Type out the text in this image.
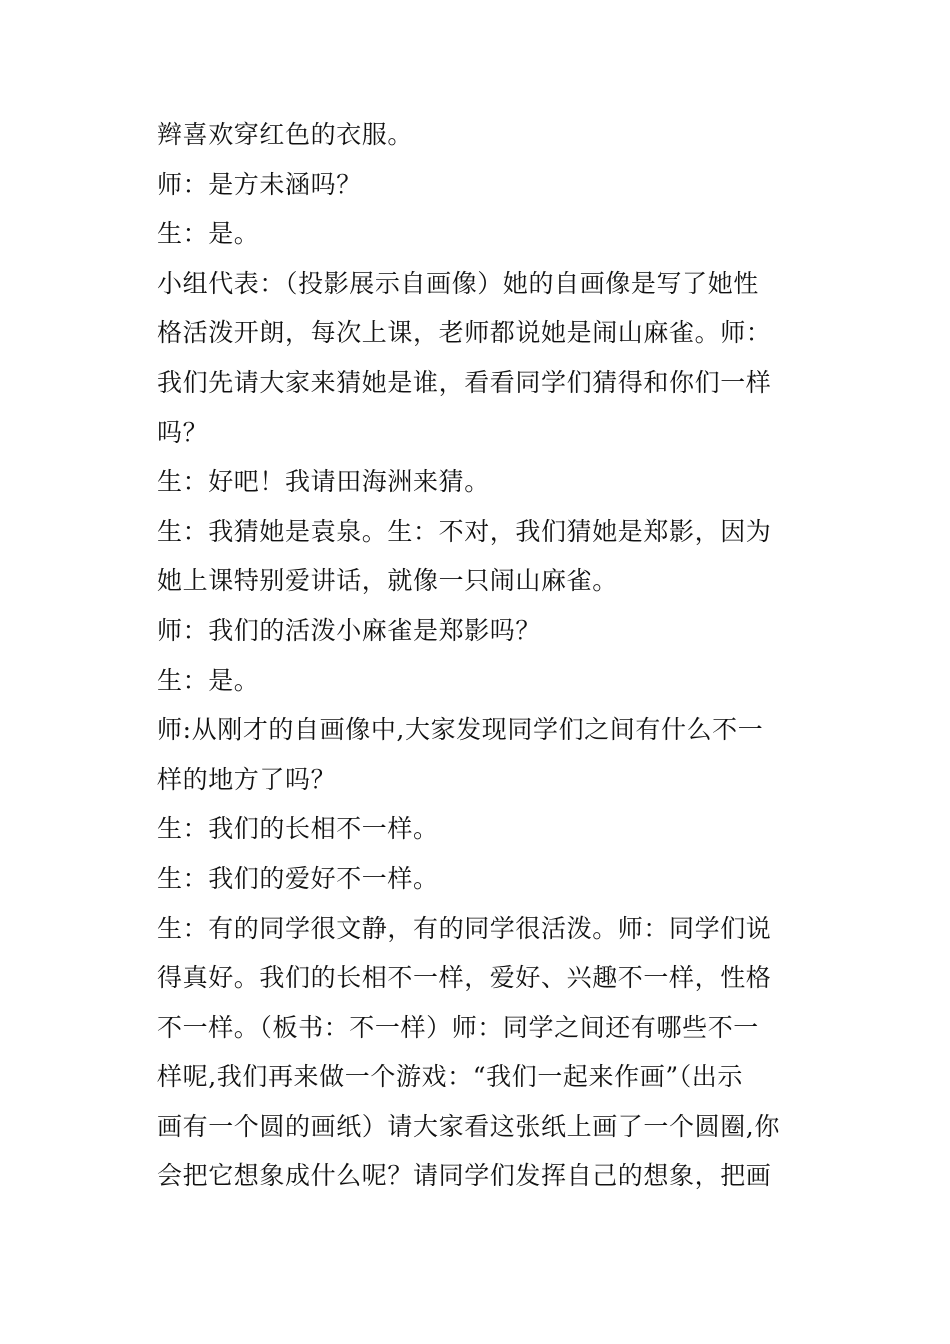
辫喜欢穿红色的衣服。
师：是方未涵吗？
生：是。
小组代表：（投影展示自画像）她的自画像是写了她性
格活泼开朗，每次上课，老师都说她是闹山麻雀。师：
我们先请大家来猜她是谁，看看同学们猜得和你们一样
吗？
生：好吧！我请田海洲来猜。
生：我猜她是袁泉。生：不对，我们猜她是郑影，因为
她上课特别爱讲话，就像一只闹山麻雀。
师：我们的活泼小麻雀是郑影吗？
生：是。
师:从刚才的自画像中,大家发现同学们之间有什么不一
样的地方了吗？
生：我们的长相不一样。
生：我们的爱好不一样。
生：有的同学很文静，有的同学很活泼。师：同学们说
得真好。我们的长相不一样，爱好、兴趣不一样，性格
不一样。（板书：不一样）师：同学之间还有哪些不一
样呢,我们再来做一个游戏：“我们一起来作画”（出示
画有一个圆的画纸）请大家看这张纸上画了一个圆圈,你
会把它想象成什么呢？请同学们发挥自己的想象，把画
